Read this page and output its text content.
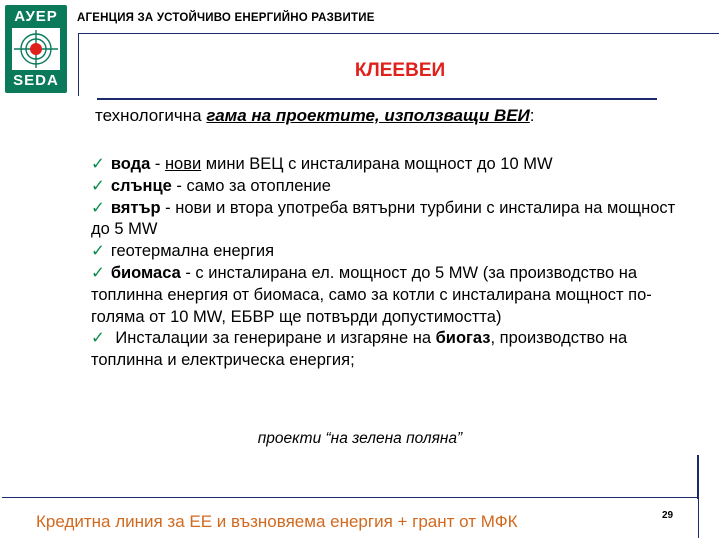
АУЕР
SEDA
АГЕНЦИЯ ЗА УСТОЙЧИВО ЕНЕРГИЙНО РАЗВИТИЕ
КЛЕЕВЕИ
технологична гама на проектите, използващи ВЕИ:
✓ вода - нови мини ВЕЦ с инсталирана мощност до 10 MW
✓ слънце - само за отопление
✓ вятър - нови и втора употреба вятърни турбини с инсталира на мощност до 5 MW
✓ геотермална енергия
✓ биомаса - с инсталирана ел. мощност до 5 MW (за производство на топлинна енергия от биомаса, само за котли с инсталирана мощност по-голяма от 10 MW, ЕБВР ще потвърди допустимостта)
✓ Инсталации за генериране и изгаряне на биогаз, производство на топлинна и електрическа енергия;
проекти “на зелена поляна”
Кредитна линия за ЕЕ и възновяема енергия + грант от МФК	29
